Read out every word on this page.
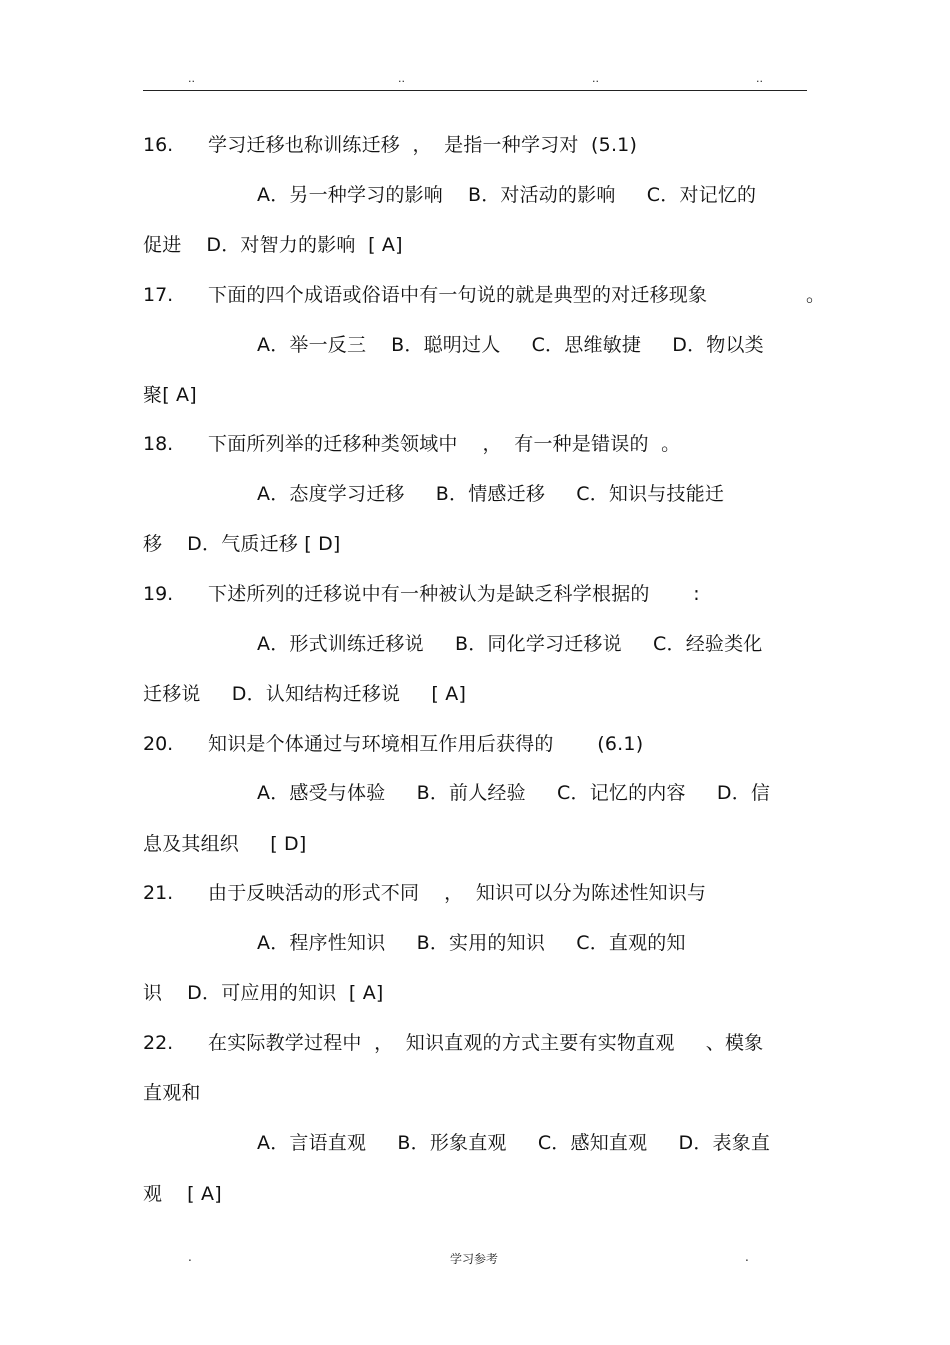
..	..	..	..
16. 学习迁移也称训练迁移  ，  是指一种学习对  (5.1)
A．另一种学习的影响    B．对活动的影响     C．对记忆的
促进    D．对智力的影响  [ A]
17. 下面的四个成语或俗语中有一句说的就是典型的对迁移现象	。
A．举一反三    B．聪明过人     C．思维敏捷     D．物以类
聚[ A]
18. 下面所列举的迁移种类领域中    ，  有一种是错误的  。
A．态度学习迁移     B．情感迁移     C．知识与技能迁
移    D．气质迁移 [ D]
19. 下述所列的迁移说中有一种被认为是缺乏科学根据的       :
A．形式训练迁移说     B．同化学习迁移说     C．经验类化
迁移说     D．认知结构迁移说     [ A]
20. 知识是个体通过与环境相互作用后获得的       (6.1)
A．感受与体验     B．前人经验     C．记忆的内容     D．信
息及其组织     [ D]
21. 由于反映活动的形式不同    ，  知识可以分为陈述性知识与
A．程序性知识     B．实用的知识     C．直观的知
识    D．可应用的知识  [ A]
22. 在实际教学过程中  ，  知识直观的方式主要有实物直观     、模象
直观和
A．言语直观     B．形象直观     C．感知直观     D．表象直
观    [ A]
.	学习参考	.
